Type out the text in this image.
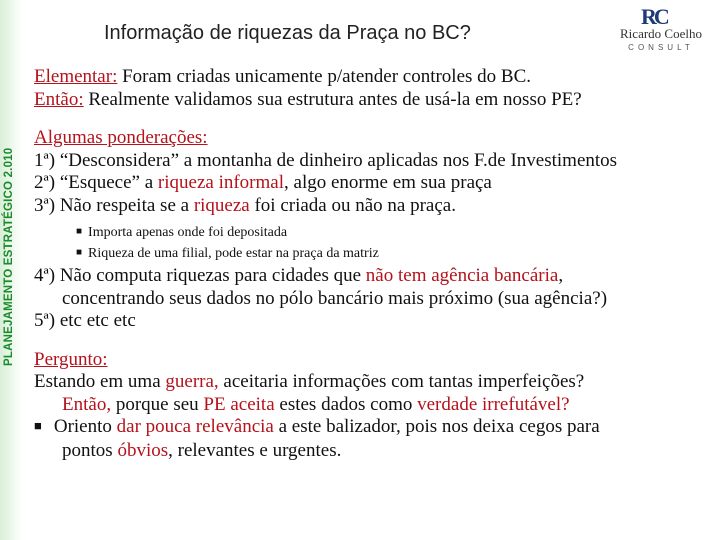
PLANEJAMENTO ESTRATÉGICO 2.010
Informação de riquezas da Praça no BC?
RC
Ricardo Coelho
CONSULT
Elementar: Foram criadas unicamente p/atender controles do BC.
Então: Realmente validamos sua estrutura antes de usá-la em nosso PE?
Algumas ponderações:
1ª) “Desconsidera” a montanha de dinheiro aplicadas nos F.de Investimentos
2ª) “Esquece” a riqueza informal, algo enorme em sua praça
3ª) Não respeita se a riqueza foi criada ou não na praça.
■ Importa apenas onde foi depositada
■ Riqueza de uma filial, pode estar na praça da matriz
4ª) Não computa riquezas para cidades que não tem agência bancária,
concentrando seus dados no pólo bancário mais próximo (sua agência?)
5ª) etc etc etc
Pergunto:
Estando em uma guerra, aceitaria informações com tantas imperfeições?
Então, porque seu PE aceita estes dados como verdade irrefutável?
■ Oriento dar pouca relevância a este balizador, pois nos deixa cegos para
pontos óbvios, relevantes e urgentes.
